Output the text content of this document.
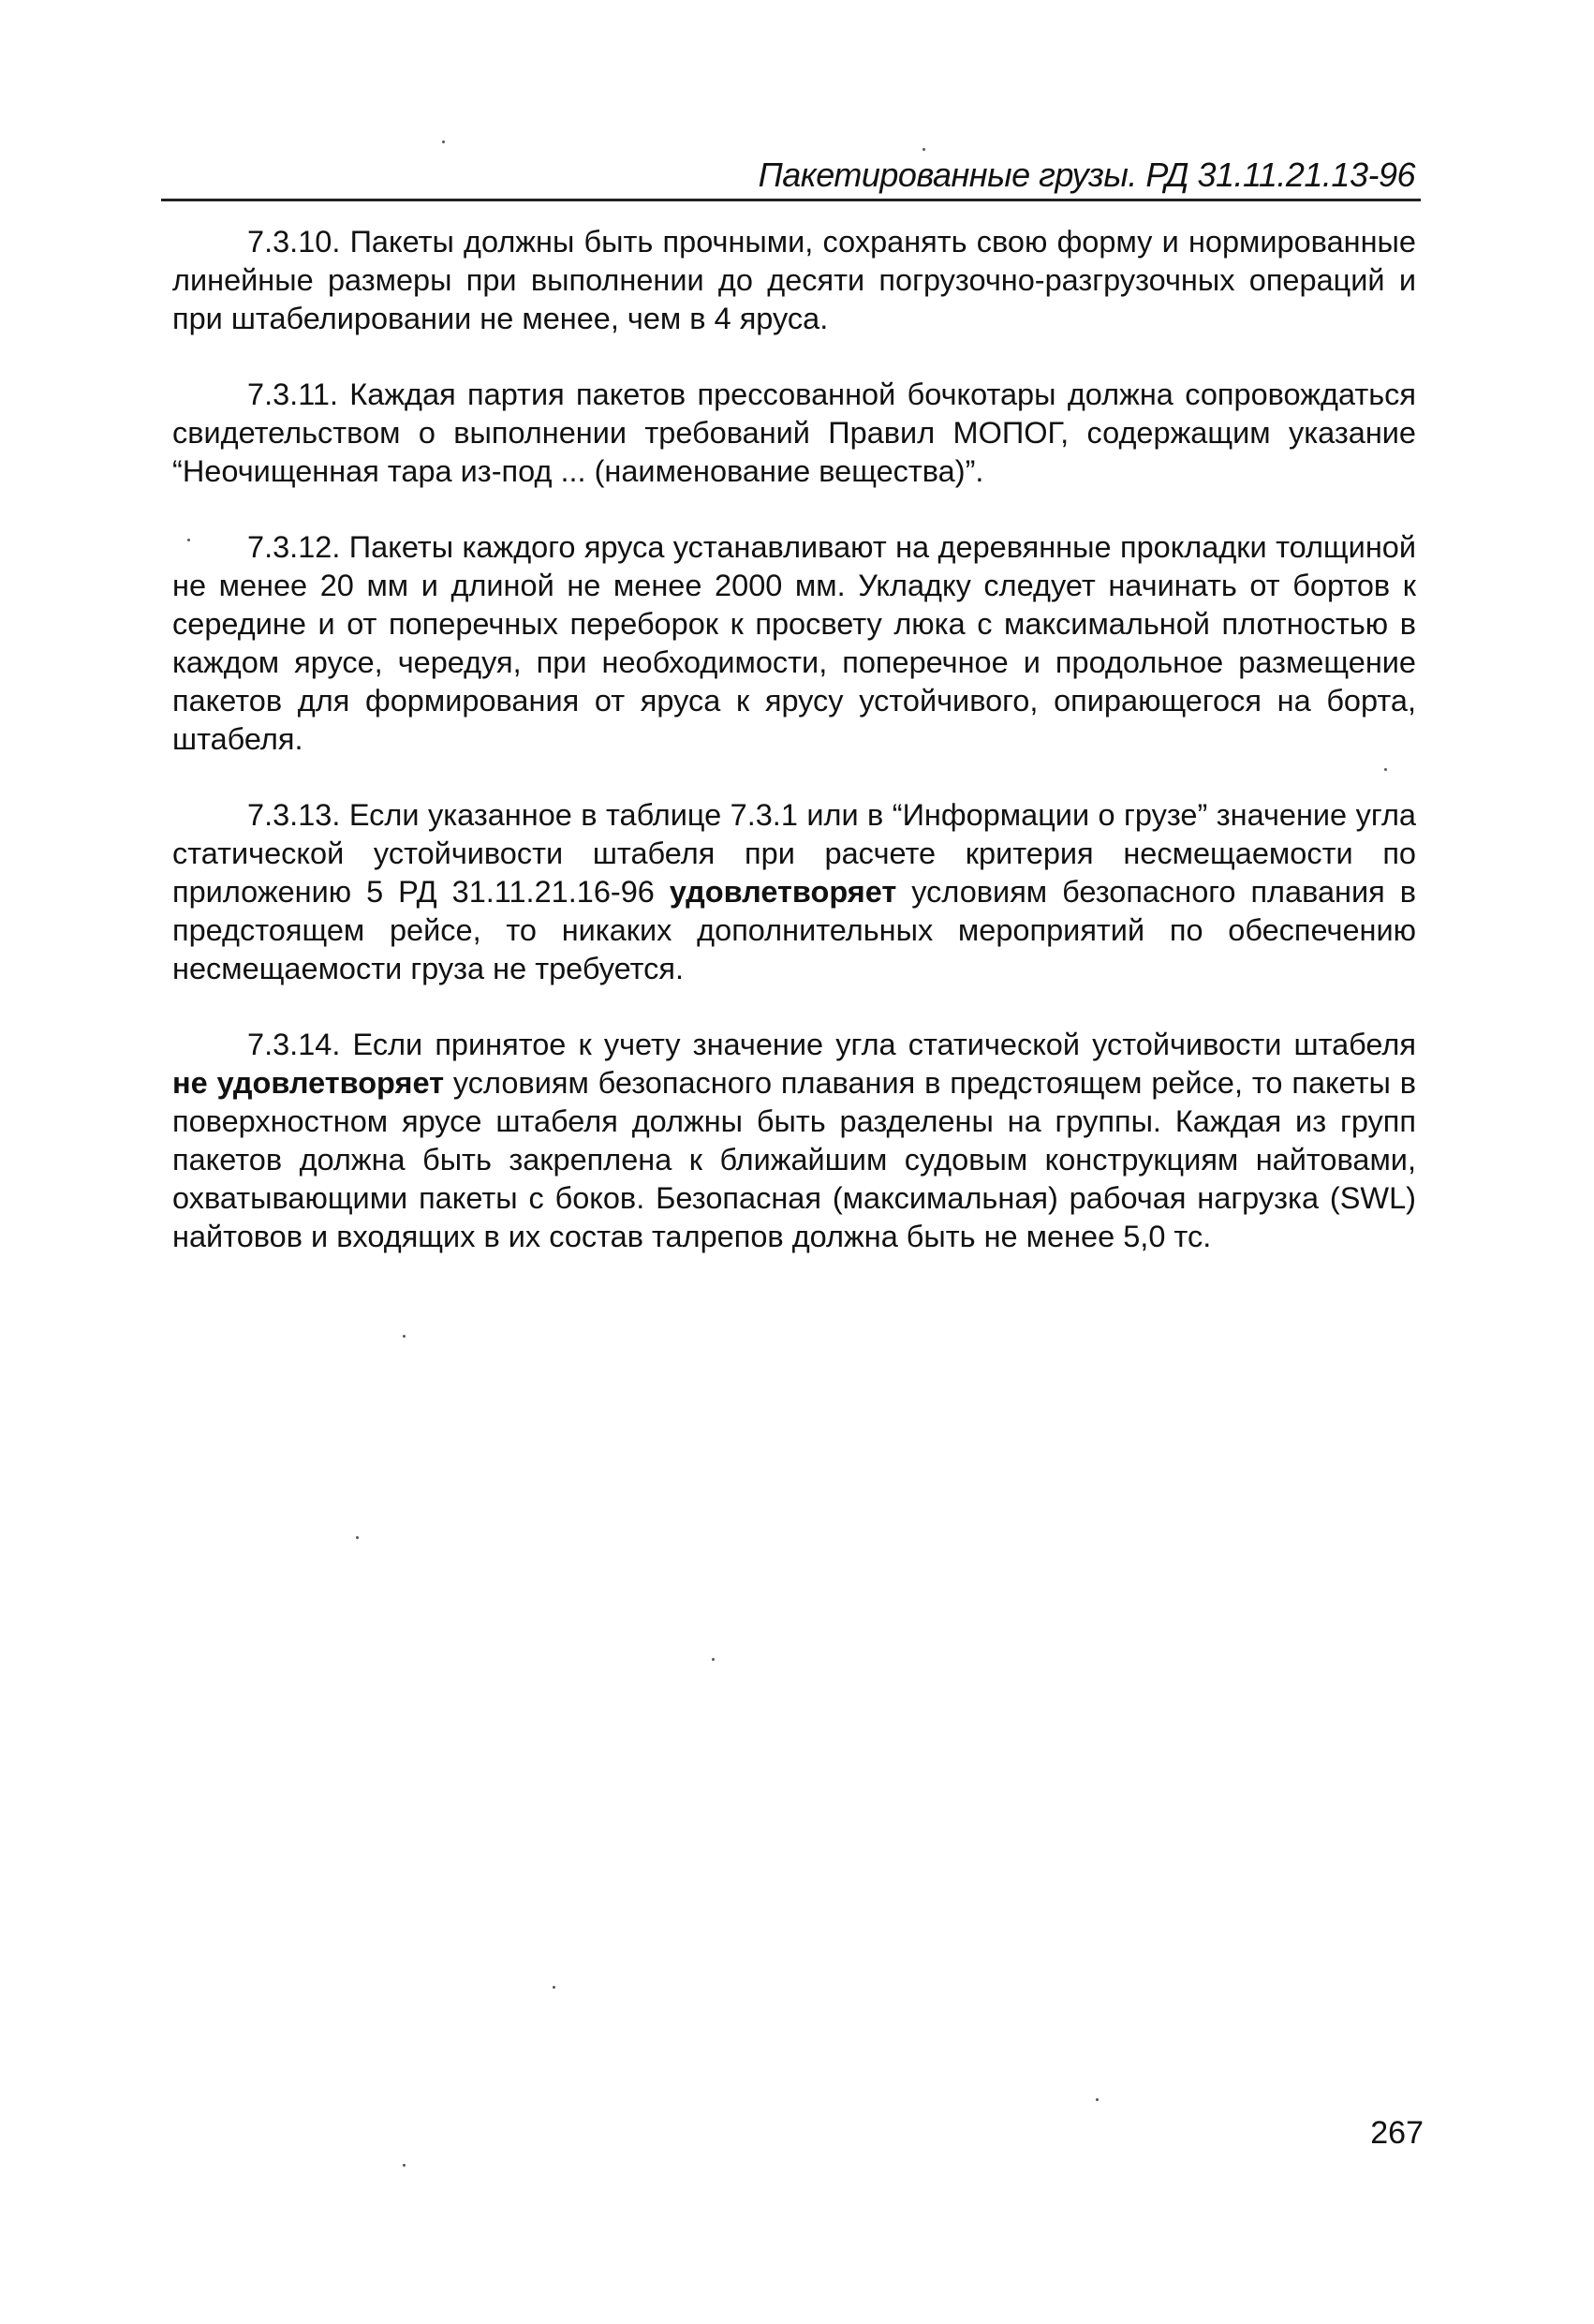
Пакетированные грузы. РД 31.11.21.13-96

7.3.10. Пакеты должны быть прочными, сохранять свою форму и нормированные линейные размеры при выполнении до десяти погрузочно-разгрузочных операций и при штабелировании не менее, чем в 4 яруса.

7.3.11. Каждая партия пакетов прессованной бочкотары должна сопровождаться свидетельством о выполнении требований Правил МОПОГ, содержащим указание “Неочищенная тара из-под ... (наименование вещества)”.

7.3.12. Пакеты каждого яруса устанавливают на деревянные прокладки толщиной не менее 20 мм и длиной не менее 2000 мм. Укладку следует начинать от бортов к середине и от поперечных переборок к просвету люка с максимальной плотностью в каждом ярусе, чередуя, при необходимости, поперечное и продольное размещение пакетов для формирования от яруса к ярусу устойчивого, опирающегося на борта, штабеля.

7.3.13. Если указанное в таблице 7.3.1 или в “Информации о грузе” значение угла статической устойчивости штабеля при расчете критерия несмещаемости по приложению 5 РД 31.11.21.16-96 удовлетворяет условиям безопасного плавания в предстоящем рейсе, то никаких дополнительных мероприятий по обеспечению несмещаемости груза не требуется.

7.3.14. Если принятое к учету значение угла статической устойчивости штабеля не удовлетворяет условиям безопасного плавания в предстоящем рейсе, то пакеты в поверхностном ярусе штабеля должны быть разделены на группы. Каждая из групп пакетов должна быть закреплена к ближайшим судовым конструкциям найтовами, охватывающими пакеты с боков. Безопасная (максимальная) рабочая нагрузка (SWL) найтовов и входящих в их состав талрепов должна быть не менее 5,0 тс.

267
